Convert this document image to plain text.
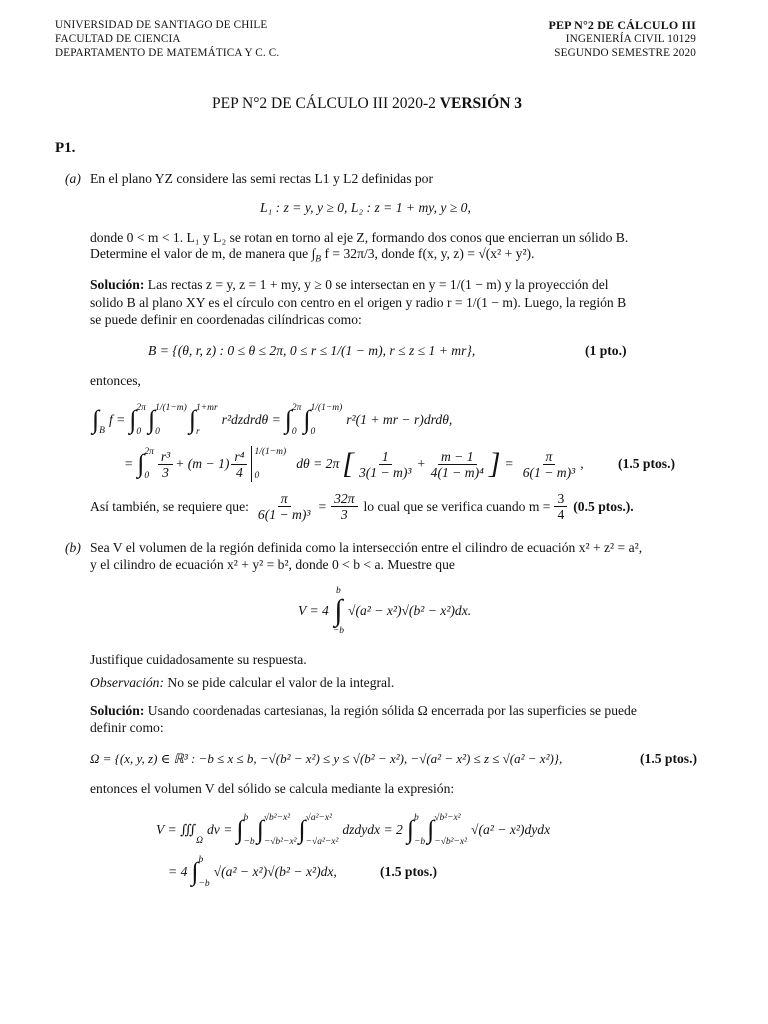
UNIVERSIDAD DE SANTIAGO DE CHILE
FACULTAD DE CIENCIA
DEPARTAMENTO DE MATEMÁTICA Y C. C.
PEP N°2 DE CÁLCULO III
INGENIERÍA CIVIL 10129
SEGUNDO SEMESTRE 2020
PEP N°2 DE CÁLCULO III 2020-2 VERSIÓN 3
P1.
(a) En el plano YZ considere las semi rectas L1 y L2 definidas por
L₁ : z = y, y ≥ 0, L₂ : z = 1 + my, y ≥ 0,
donde 0 < m < 1. L₁ y L₂ se rotan en torno al eje Z, formando dos conos que encierran un sólido B.
Determine el valor de m, de manera que $\int_B$ f = 32π/3, donde f(x, y, z) = √(x² + y²).
Solución: Las rectas z = y, z = 1 + my, y ≥ 0 se intersectan en y = 1/(1 − m) y la proyección del
solido B al plano XY es el círculo con centro en el origen y radio r = 1/(1 − m). Luego, la región B
se puede definir en coordenadas cilíndricas como:
B = {(θ, r, z) : 0 ≤ θ ≤ 2π, 0 ≤ r ≤ 1/(1 − m), r ≤ z ≤ 1 + mr},	(1 pto.)
entonces,
∫ B
f = ∫ 2π
0 ∫ 1/(1−m)
0	∫ 1+mr
r
r²dzdrdθ = ∫ 2π
0 ∫ 1/(1−m)
0
r²(1 + mr − r)drdθ,
= ∫ 2π
$0 \frac{\text{r³}}{3} + (m - 1) \frac{\text{r⁴}}{4} 1/(1-m)$
0
dθ = 2π [ $\frac{1}{\text{3(1 − m)³}} + \frac{m - 1}{\text{4(1 − m)⁴}}$ ] = $\frac{\pi}{\text{6(1 − m)³}}$ ,	(1.5 ptos.)
Así también, se requiere que: $\frac{\pi}{\text{6(1 − m)³}} = \frac{32\pi}{3}$ lo cual que se verifica cuando $m = \frac{3}{4} (0.5$ ptos.).
(b) Sea V el volumen de la región definida como la intersección entre el cilindro de ecuación x² + z² = a²,
y el cilindro de ecuación x² + y² = b², donde 0 < b < a. Muestre que
V = 4
b
∫
−b
√(a² − x²)√(b² − x²)dx.
Justifique cuidadosamente su respuesta.
Observación: No se pide calcular el valor de la integral.
Solución: Usando coordenadas cartesianas, la región sólida Ω encerrada por las superficies se puede
definir como:
Ω = {(x, y, z) ∈ ℝ³ : −b ≤ x ≤ b, −√(b² − x²) ≤ y ≤ √(b² − x²), −√(a² − x²) ≤ z ≤ √(a² − x²)},	(1.5 ptos.)
entonces el volumen V del sólido se calcula mediante la expresión:
V = ∭
Ω
dv = ∫ b
−b ∫ √b²−x²
−√b²−x² ∫ √a²−x²
−√a²−x²
dzdydx = 2 ∫ b
−b ∫ √b²−x²
−√b²−x²
√(a² − x²)dydx
= 4 ∫ b
−b
√(a² − x²)√(b² − x²)dx,	(1.5 ptos.)
